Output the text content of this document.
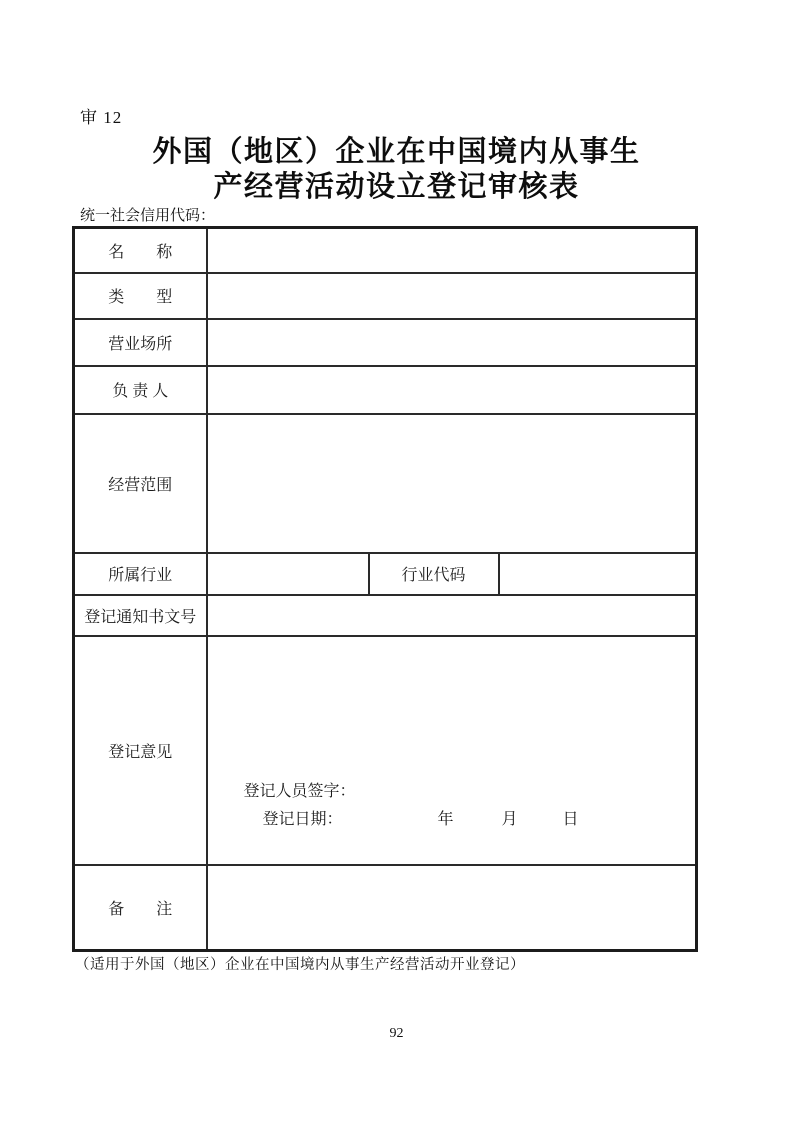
审 12
外国（地区）企业在中国境内从事生
产经营活动设立登记审核表
统一社会信用代码：
名　　称			
类　　型			
营业场所			
负 责 人			
经营范围			
所属行业		行业代码	
登记通知书文号			
登记意见	登记人员签字：
登记日期： 年 月 日		

备　　注			
（适用于外国（地区）企业在中国境内从事生产经营活动开业登记）
92
